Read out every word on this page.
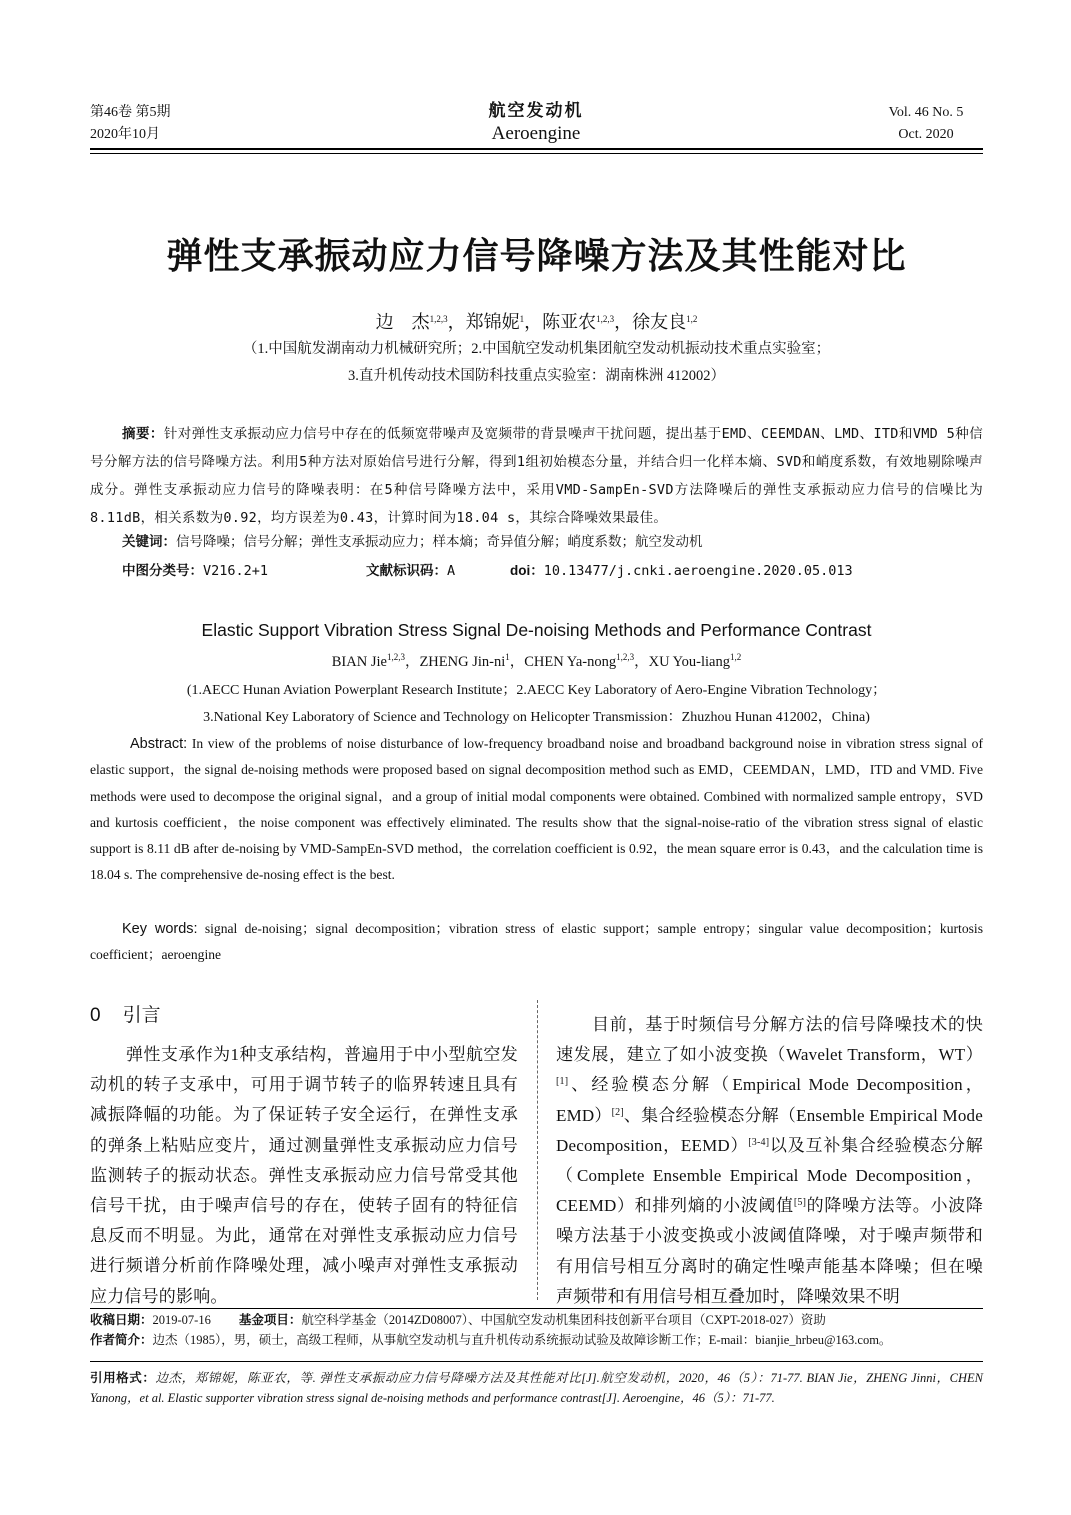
第46卷 第5期
2020年10月
航空发动机
Aeroengine
Vol. 46 No. 5
Oct. 2020
弹性支承振动应力信号降噪方法及其性能对比
边　杰$^{1,2,3}$，郑锦妮$^1$，陈亚农$^{1,2,3}$，徐友良$^{1,2}$
（1.中国航发湖南动力机械研究所；2.中国航空发动机集团航空发动机振动技术重点实验室；
3.直升机传动技术国防科技重点实验室：湖南株洲 412002）
摘要：针对弹性支承振动应力信号中存在的低频宽带噪声及宽频带的背景噪声干扰问题，提出基于EMD、CEEMDAN、LMD、ITD和VMD 5种信号分解方法的信号降噪方法。利用5种方法对原始信号进行分解，得到1组初始模态分量，并结合归一化样本熵、SVD和峭度系数，有效地剔除噪声成分。弹性支承振动应力信号的降噪表明：在5种信号降噪方法中，采用VMD-SampEn-SVD方法降噪后的弹性支承振动应力信号的信噪比为8.11dB，相关系数为0.92，均方误差为0.43，计算时间为18.04 s，其综合降噪效果最佳。
关键词：信号降噪；信号分解；弹性支承振动应力；样本熵；奇异值分解；峭度系数；航空发动机
中图分类号：V216.2+1	文献标识码：A	doi：10.13477/j.cnki.aeroengine.2020.05.013
Elastic Support Vibration Stress Signal De-noising Methods and Performance Contrast
BIAN Jie$^{1,2,3}$，ZHENG Jin-$ni^1$，CHEN Ya-nong$^{1,2,3}$，XU You-liang$^{1,2}$
(1.AECC Hunan Aviation Powerplant Research Institute；2.AECC Key Laboratory of Aero-Engine Vibration Technology；
3.National Key Laboratory of Science and Technology on Helicopter Transmission：Zhuzhou Hunan 412002，China)
Abstract: In view of the problems of noise disturbance of low-frequency broadband noise and broadband background noise in vibration stress signal of elastic support，the signal de-noising methods were proposed based on signal decomposition method such as EMD，CEEMDAN，LMD，ITD and VMD. Five methods were used to decompose the original signal，and a group of initial modal components were obtained. Combined with normalized sample entropy，SVD and kurtosis coefficient，the noise component was effectively eliminated. The results show that the signal-noise-ratio of the vibration stress signal of elastic support is 8.11 dB after de-noising by VMD-SampEn-SVD method，the correlation coefficient is 0.92，the mean square error is 0.43，and the calculation time is 18.04 s. The comprehensive de-nosing effect is the best.
Key words: signal de-noising；signal decomposition；vibration stress of elastic support；sample entropy；singular value decomposition；kurtosis coefficient；aeroengine
0 引言
弹性支承作为1种支承结构，普遍用于中小型航空发动机的转子支承中，可用于调节转子的临界转速且具有减振降幅的功能。为了保证转子安全运行，在弹性支承的弹条上粘贴应变片，通过测量弹性支承振动应力信号监测转子的振动状态。弹性支承振动应力信号常受其他信号干扰，由于噪声信号的存在，使转子固有的特征信息反而不明显。为此，通常在对弹性支承振动应力信号进行频谱分析前作降噪处理，减小噪声对弹性支承振动应力信号的影响。
目前，基于时频信号分解方法的信号降噪技术的快速发展，建立了如小波变换（Wavelet Transform，WT）[1]、经验模态分解（Empirical Mode Decomposition，EMD）[2]、集合经验模态分解（Ensemble Empirical Mode Decomposition，EEMD）[3-4]以及互补集合经验模态分解（Complete Ensemble Empirical Mode Decomposition，CEEMD）和排列熵的小波阈值[5]的降噪方法等。小波降噪方法基于小波变换或小波阈值降噪，对于噪声频带和有用信号相互分离时的确定性噪声能基本降噪；但在噪声频带和有用信号相互叠加时，降噪效果不明
收稿日期：2019-07-16 基金项目：航空科学基金（2014ZD08007）、中国航空发动机集团科技创新平台项目（CXPT-2018-027）资助
作者简介：边杰（1985），男，硕士，高级工程师，从事航空发动机与直升机传动系统振动试验及故障诊断工作；E-mail：bianjie_hrbeu@163.com。
引用格式：边杰，郑锦妮，陈亚农，等. 弹性支承振动应力信号降噪方法及其性能对比[J].航空发动机，2020，46（5）：71-77. BIAN Jie，ZHENG Jinni，CHEN Yanong，et al. Elastic supporter vibration stress signal de-noising methods and performance contrast[J]. Aeroengine，46（5）：71-77.
